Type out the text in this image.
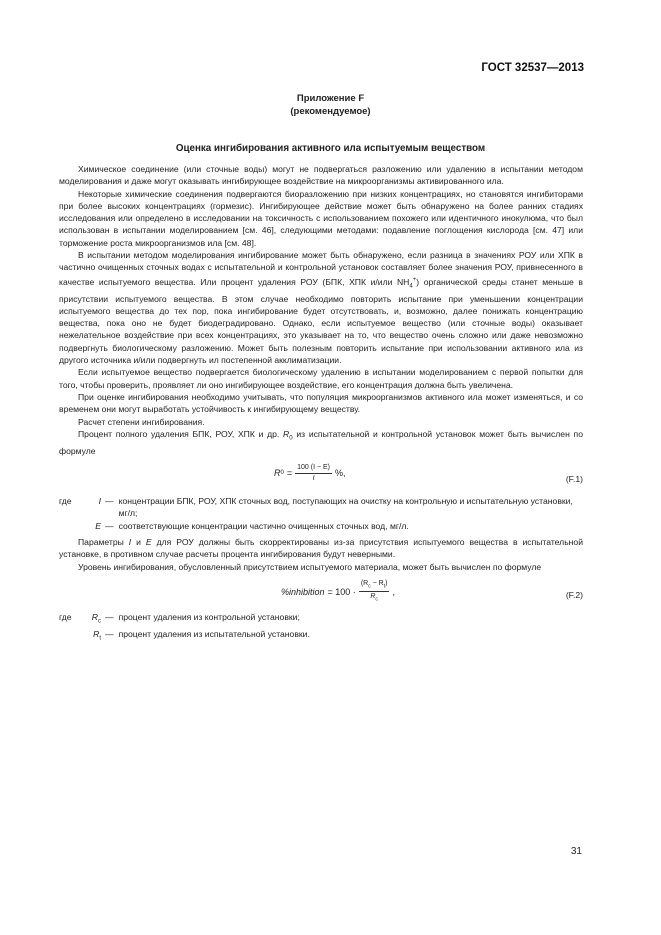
ГОСТ 32537—2013
Приложение F
(рекомендуемое)
Оценка ингибирования активного ила испытуемым веществом

Химическое соединение (или сточные воды) могут не подвергаться разложению или удалению в испытании методом моделирования и даже могут оказывать ингибирующее воздействие на микроорганизмы активированного ила.

Некоторые химические соединения подвергаются биоразложению при низких концентрациях, но становятся ингибиторами при более высоких концентрациях (гормезис). Ингибирующее действие может быть обнаружено на более ранних стадиях исследования или определено в исследовании на токсичность с использованием похожего или идентичного инокулюма, что был использован в испытании моделированием [см. 46], следующими методами: подавление поглощения кислорода [см. 47] или торможение роста микроорганизмов ила [см. 48].

В испытании методом моделирования ингибирование может быть обнаружено, если разница в значениях РОУ или ХПК в частично очищенных сточных водах с испытательной и контрольной установок составляет более значения РОУ, привнесенного в качестве испытуемого вещества. Или процент удаления РОУ (БПК, ХПК и/или $NH_4^+$) органической среды станет меньше в присутствии испытуемого вещества. В этом случае необходимо повторить испытание при уменьшении концентрации испытуемого вещества до тех пор, пока ингибирование будет отсутствовать, и, возможно, далее понижать концентрацию вещества, пока оно не будет биодеградировано. Однако, если испытуемое вещество (или сточные воды) оказывает нежелательное воздействие при всех концентрациях, это указывает на то, что вещество очень сложно или даже невозможно подвергнуть биологическому разложению. Может быть полезным повторить испытание при использовании активного ила из другого источника и/или подвергнуть ил постепенной акклиматизации.

Если испытуемое вещество подвергается биологическому удалению в испытании моделированием с первой попытки для того, чтобы проверить, проявляет ли оно ингибирующее воздействие, его концентрация должна быть увеличена.

При оценке ингибирования необходимо учитывать, что популяция микроорганизмов активного ила может изменяться, и со временем они могут выработать устойчивость к ингибирующему веществу.

Расчет степени ингибирования.

Процент полного удаления БПК, РОУ, ХПК и др. $R_0$ из испытательной и контрольной установок может быть вычислен по формуле

R $0 = \frac{100 (I - E)}{I}$ %,
(F.1)
где	I — концентрации БПК, РОУ, ХПК сточных вод, поступающих на очистку на контрольную и испытательную установки, мг/л;
E — соответствующие концентрации частично очищенных сточных вод, мг/л.

Параметры I и E для РОУ должны быть скорректированы из-за присутствия испытуемого вещества в испытательной установке, в противном случае расчеты процента ингибирования будут неверными.

Уровень ингибирования, обусловленный присутствием испытуемого материала, может быть вычислен по формуле

%inhibition = $100 \cdot \frac{(R_c - R_t)}{R_c}$ ,	(F.2)
где	$R_c$ — процент удаления из контрольной установки;
$R_t$ — процент удаления из испытательной установки.
31
